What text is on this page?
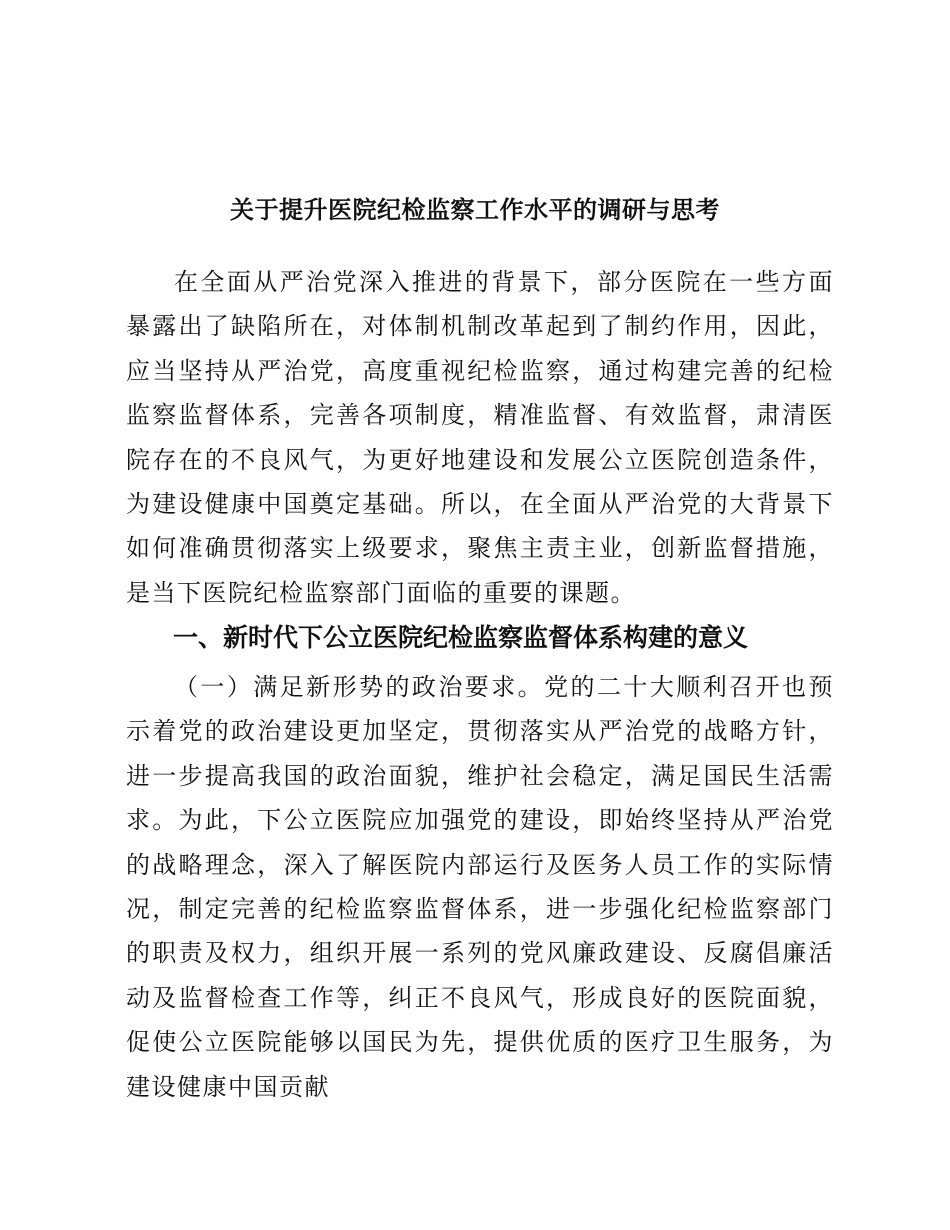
关于提升医院纪检监察工作水平的调研与思考

在全面从严治党深入推进的背景下，部分医院在一些方面暴露出了缺陷所在，对体制机制改革起到了制约作用，因此，应当坚持从严治党，高度重视纪检监察，通过构建完善的纪检监察监督体系，完善各项制度，精准监督、有效监督，肃清医院存在的不良风气，为更好地建设和发展公立医院创造条件，为建设健康中国奠定基础。所以，在全面从严治党的大背景下如何准确贯彻落实上级要求，聚焦主责主业，创新监督措施，是当下医院纪检监察部门面临的重要的课题。

一、新时代下公立医院纪检监察监督体系构建的意义

（一）满足新形势的政治要求。党的二十大顺利召开也预示着党的政治建设更加坚定，贯彻落实从严治党的战略方针，进一步提高我国的政治面貌，维护社会稳定，满足国民生活需求。为此，下公立医院应加强党的建设，即始终坚持从严治党的战略理念，深入了解医院内部运行及医务人员工作的实际情况，制定完善的纪检监察监督体系，进一步强化纪检监察部门的职责及权力，组织开展一系列的党风廉政建设、反腐倡廉活动及监督检查工作等，纠正不良风气，形成良好的医院面貌，促使公立医院能够以国民为先，提供优质的医疗卫生服务，为建设健康中国贡献
